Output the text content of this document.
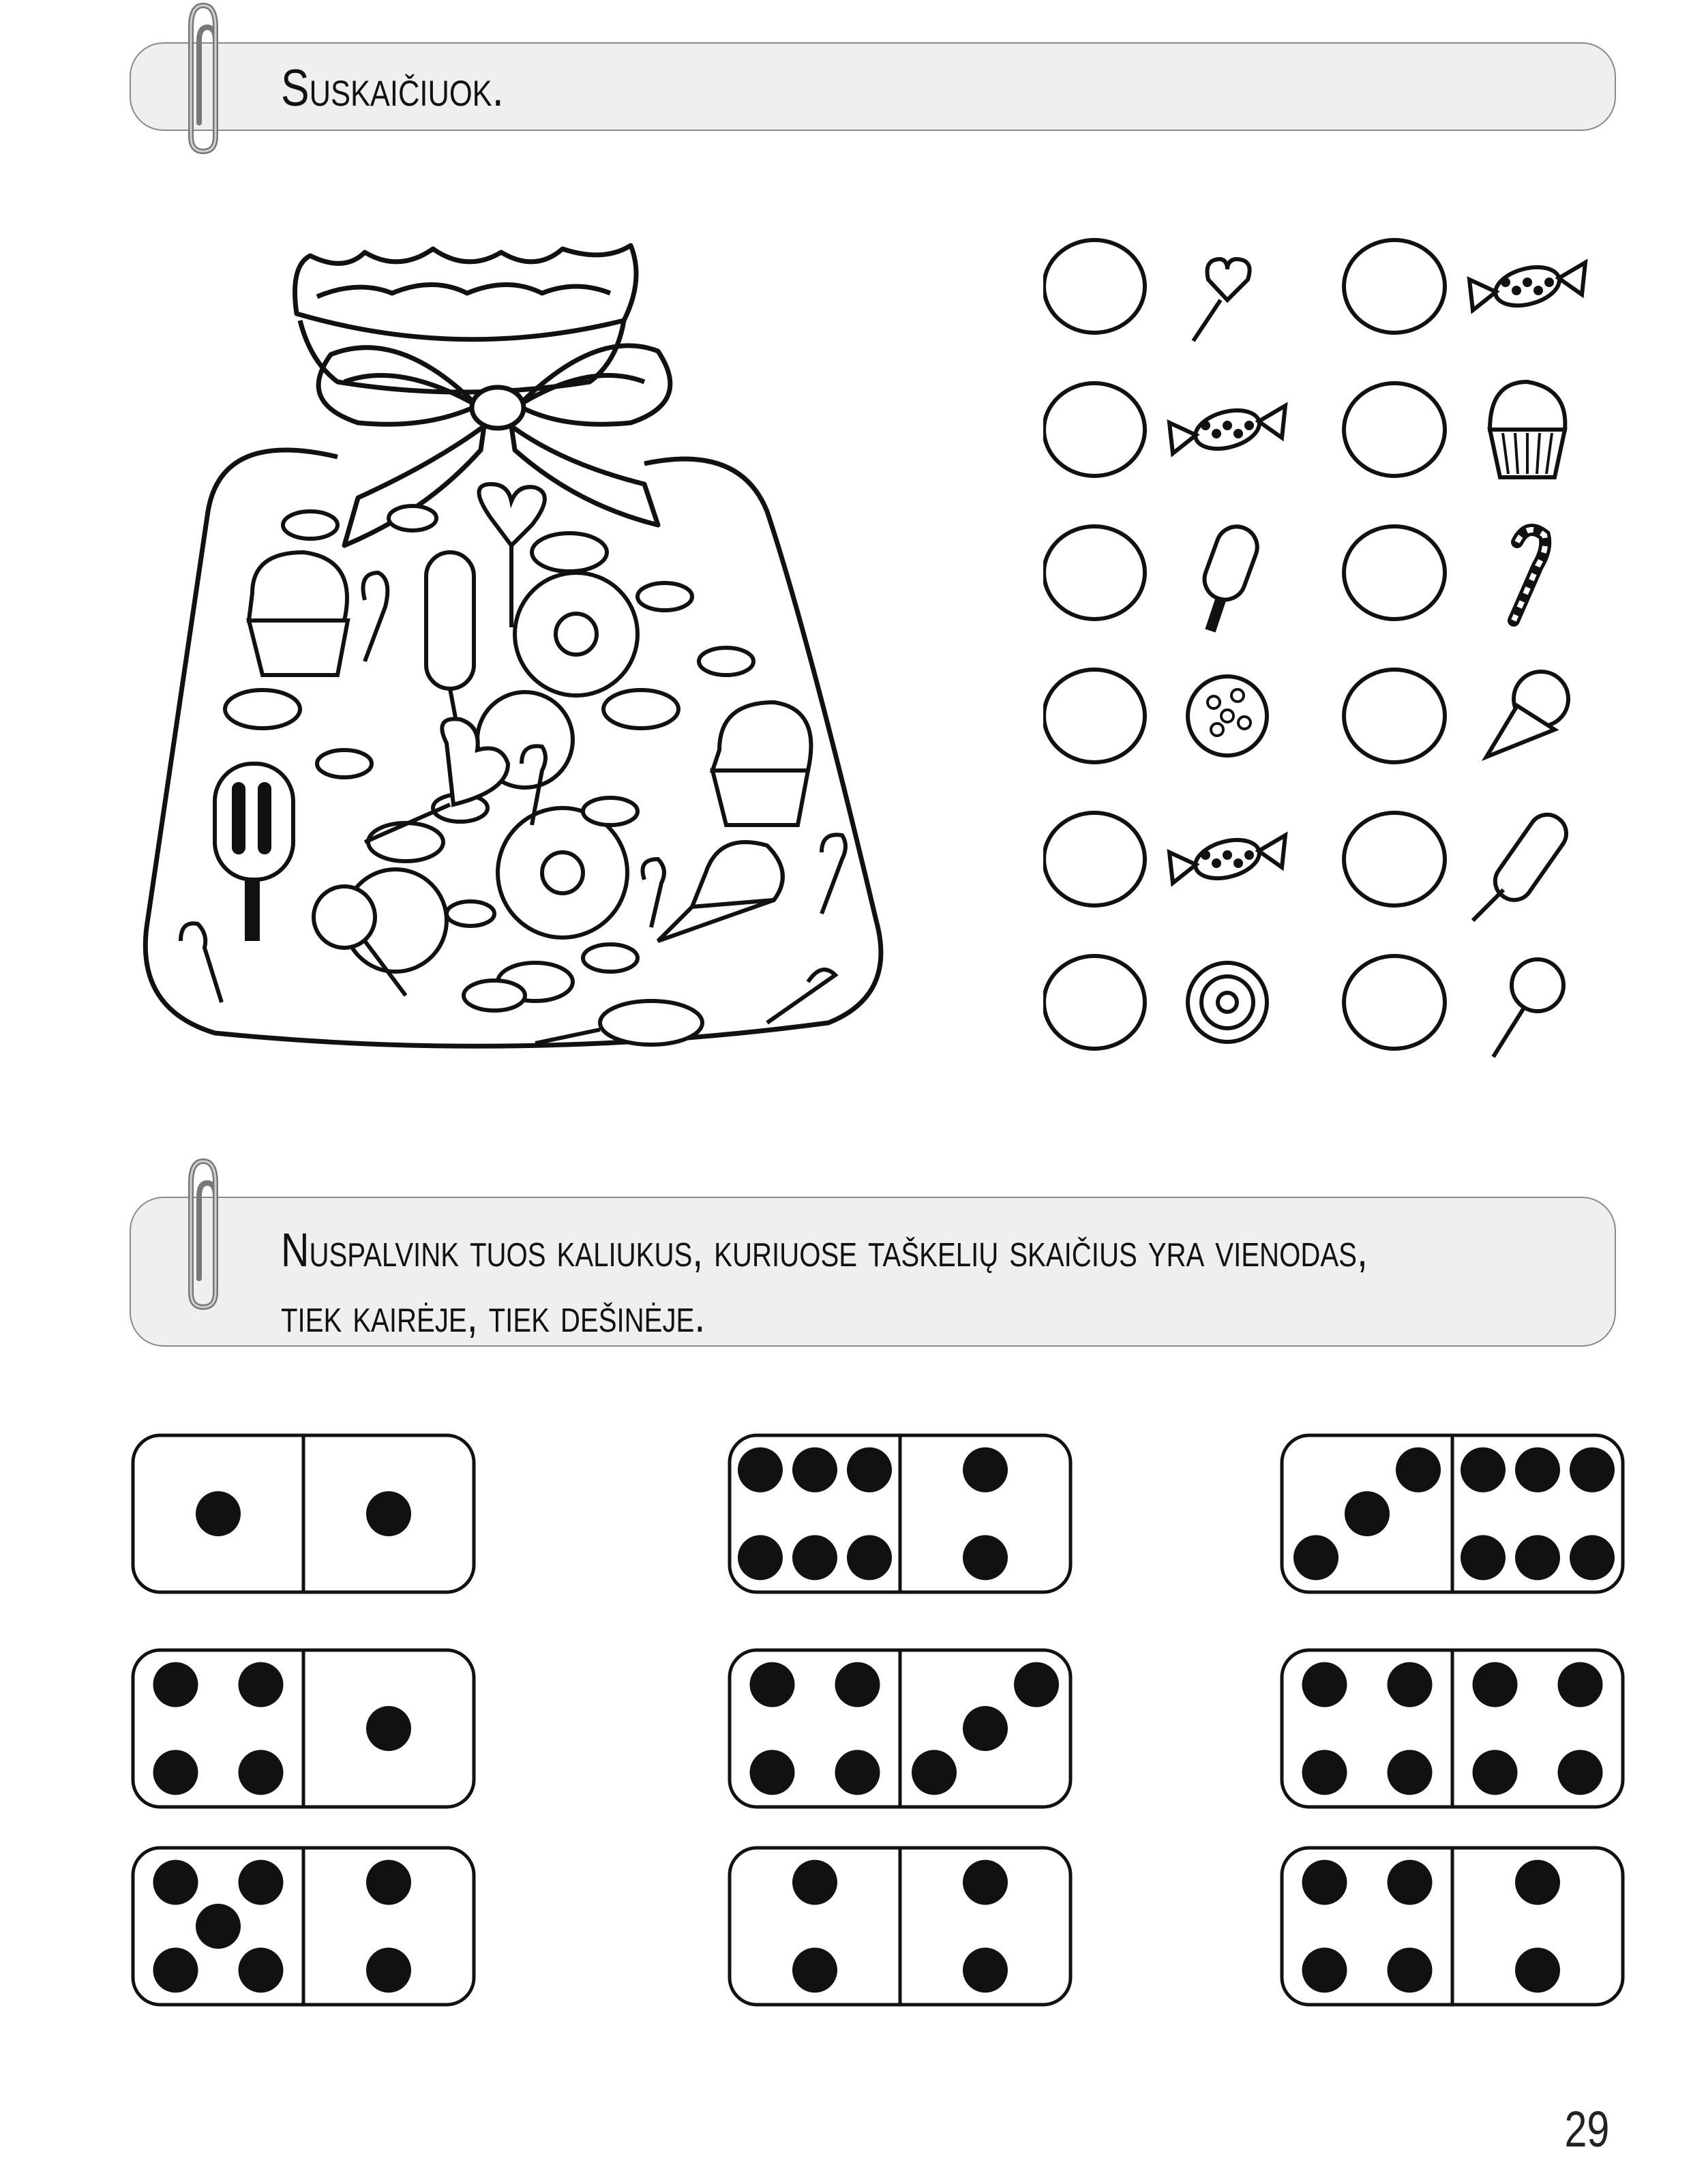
Suskaičiuok.
Nuspalvink tuos kaliukus, kuriuose taškelių skaičius yra vienodas,
tiek kairėje, tiek dešinėje.
29
